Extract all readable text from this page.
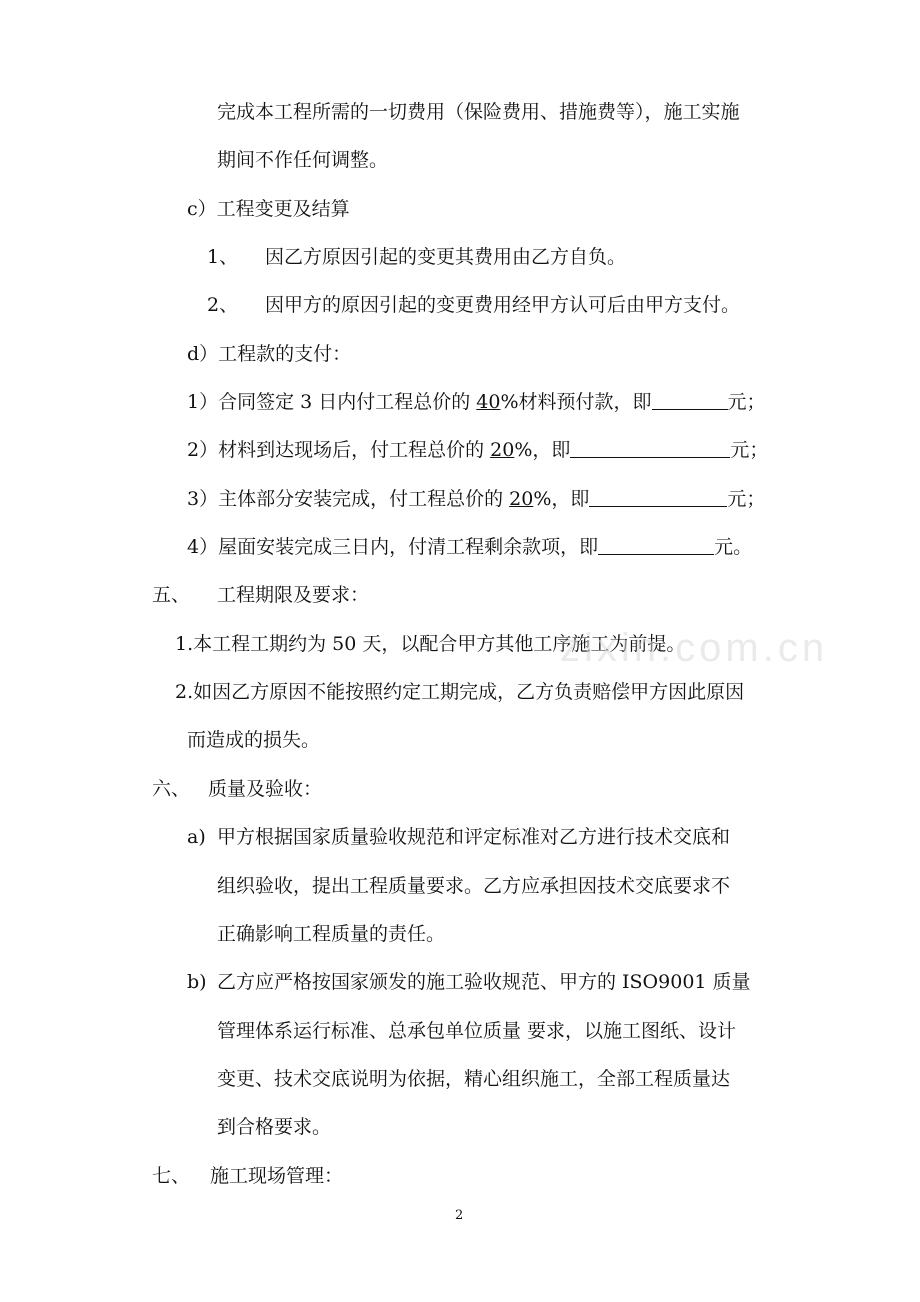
完成本工程所需的一切费用（保险费用、措施费等），施工实施
期间不作任何调整。
c）工程变更及结算
1、 因乙方原因引起的变更其费用由乙方自负。
2、 因甲方的原因引起的变更费用经甲方认可后由甲方支付。
d）工程款的支付：
1）合同签定 3 日内付工程总价的 40%材料预付款，即	元；
2）材料到达现场后，付工程总价的 20%，即	元；
3）主体部分安装完成，付工程总价的 20%，即	元；
4）屋面安装完成三日内，付清工程剩余款项，即	元。
五、 工程期限及要求：
1.本工程工期约为 50 天，以配合甲方其他工序施工为前提。
2.如因乙方原因不能按照约定工期完成，乙方负责赔偿甲方因此原因
而造成的损失。
六、 质量及验收：
a) 甲方根据国家质量验收规范和评定标准对乙方进行技术交底和
组织验收，提出工程质量要求。乙方应承担因技术交底要求不
正确影响工程质量的责任。
b) 乙方应严格按国家颁发的施工验收规范、甲方的 ISO9001 质量
管理体系运行标准、总承包单位质量 要求，以施工图纸、设计
变更、技术交底说明为依据，精心组织施工，全部工程质量达
到合格要求。
七、 施工现场管理：
zixin.com.cn
2
